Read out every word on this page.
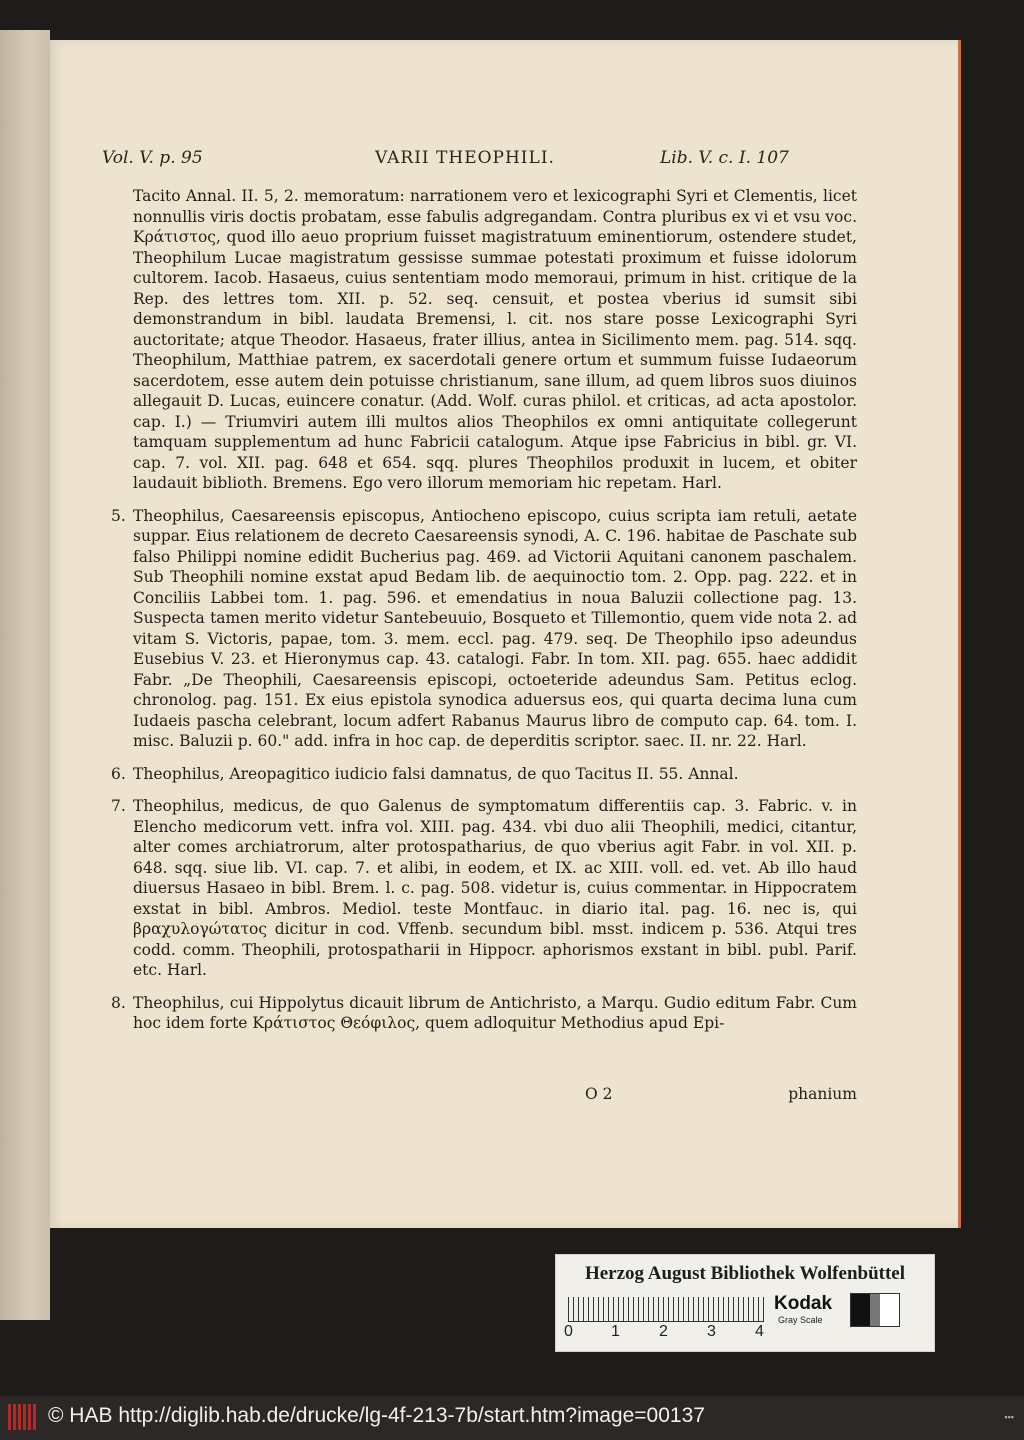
Vol. V. p. 95	VARII THEOPHILI.	Lib. V. c. I. 107
Tacito Annal. II. 5, 2. memoratum: narrationem vero et lexicographi Syri et Clementis, licet nonnullis viris doctis probatam, esse fabulis adgregandam. Contra pluribus ex vi et vsu voc. Κράτιστος, quod illo aeuo proprium fuisset magistratuum eminentiorum, ostendere studet, Theophilum Lucae magistratum gessisse summae potestati proximum et fuisse idolorum cultorem. Iacob. Hasaeus, cuius sententiam modo memoraui, primum in hist. critique de la Rep. des lettres tom. XII. p. 52. seq. censuit, et postea vberius id sumsit sibi demonstrandum in bibl. laudata Bremensi, l. cit. nos stare posse Lexicographi Syri auctoritate; atque Theodor. Hasaeus, frater illius, antea in Sicilimento mem. pag. 514. sqq. Theophilum, Matthiae patrem, ex sacerdotali genere ortum et summum fuisse Iudaeorum sacerdotem, esse autem dein potuisse christianum, sane illum, ad quem libros suos diuinos allegauit D. Lucas, euincere conatur. (Add. Wolf. curas philol. et criticas, ad acta apostolor. cap. I.) — Triumviri autem illi multos alios Theophilos ex omni antiquitate collegerunt tamquam supplementum ad hunc Fabricii catalogum. Atque ipse Fabricius in bibl. gr. VI. cap. 7. vol. XII. pag. 648 et 654. sqq. plures Theophilos produxit in lucem, et obiter laudauit biblioth. Bremens. Ego vero illorum memoriam hic repetam. Harl.
5. Theophilus, Caesareensis episcopus, Antiocheno episcopo, cuius scripta iam retuli, aetate suppar. Eius relationem de decreto Caesareensis synodi, A. C. 196. habitae de Paschate sub falso Philippi nomine edidit Bucherius pag. 469. ad Victorii Aquitani canonem paschalem. Sub Theophili nomine exstat apud Bedam lib. de aequinoctio tom. 2. Opp. pag. 222. et in Conciliis Labbei tom. 1. pag. 596. et emendatius in noua Baluzii collectione pag. 13. Suspecta tamen merito videtur Santebeuuio, Bosqueto et Tillemontio, quem vide nota 2. ad vitam S. Victoris, papae, tom. 3. mem. eccl. pag. 479. seq. De Theophilo ipso adeundus Eusebius V. 23. et Hieronymus cap. 43. catalogi. Fabr. In tom. XII. pag. 655. haec addidit Fabr. „De Theophili, Caesareensis episcopi, octoeteride adeundus Sam. Petitus eclog. chronolog. pag. 151. Ex eius epistola synodica aduersus eos, qui quarta decima luna cum Iudaeis pascha celebrant, locum adfert Rabanus Maurus libro de computo cap. 64. tom. I. misc. Baluzii p. 60." add. infra in hoc cap. de deperditis scriptor. saec. II. nr. 22. Harl.
6. Theophilus, Areopagitico iudicio falsi damnatus, de quo Tacitus II. 55. Annal.
7. Theophilus, medicus, de quo Galenus de symptomatum differentiis cap. 3. Fabric. v. in Elencho medicorum vett. infra vol. XIII. pag. 434. vbi duo alii Theophili, medici, citantur, alter comes archiatrorum, alter protospatharius, de quo vberius agit Fabr. in vol. XII. p. 648. sqq. siue lib. VI. cap. 7. et alibi, in eodem, et IX. ac XIII. voll. ed. vet. Ab illo haud diuersus Hasaeo in bibl. Brem. l. c. pag. 508. videtur is, cuius commentar. in Hippocratem exstat in bibl. Ambros. Mediol. teste Montfauc. in diario ital. pag. 16. nec is, qui βραχυλογώτατος dicitur in cod. Vffenb. secundum bibl. msst. indicem p. 536. Atqui tres codd. comm. Theophili, protospatharii in Hippocr. aphorismos exstant in bibl. publ. Parif. etc. Harl.
8. Theophilus, cui Hippolytus dicauit librum de Antichristo, a Marqu. Gudio editum Fabr. Cum hoc idem forte Κράτιστος Θεόφιλος, quem adloquitur Methodius apud Epi-
O 2	phanium
Herzog August Bibliothek Wolfenbüttel
0 1 2 3 4
Kodak
Gray Scale
© HAB http://diglib.hab.de/drucke/lg-4f-213-7b/start.htm?image=00137	▪▪▪
